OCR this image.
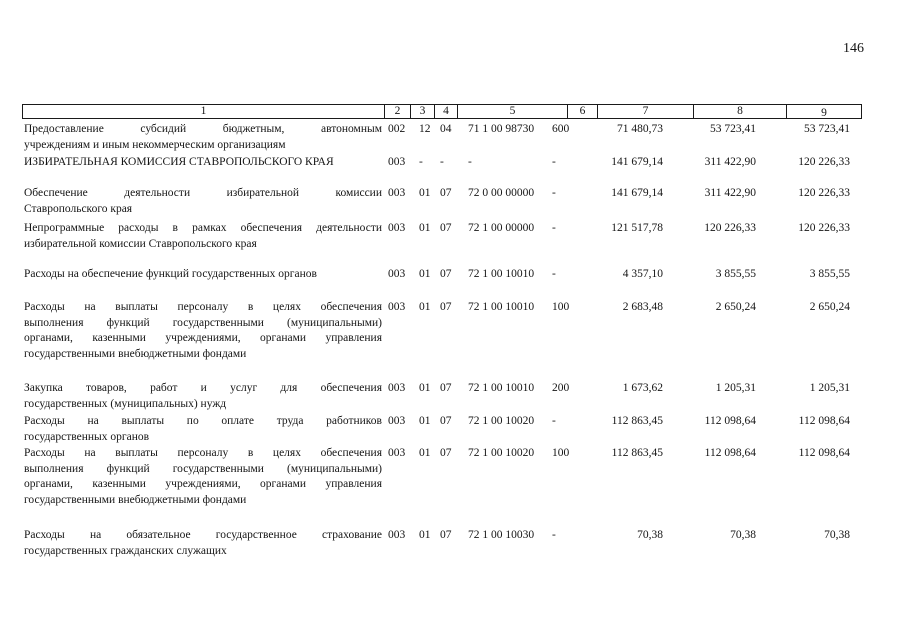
146
1	2	3	4	5	6	7	8	9
Предоставление субсидий бюджетным, автономным
учреждениям и иным некоммерческим организациям
002	12 04	71 1 00 98730	600	71 480,73	53 723,41	53 723,41
ИЗБИРАТЕЛЬНАЯ КОМИССИЯ СТАВРОПОЛЬСКОГО КРАЯ	003	-	-	-	-	141 679,14	311 422,90	120 226,33
Обеспечение деятельности избирательной комиссии
Ставропольского края
003	01 07	72 0 00 00000	-	141 679,14	311 422,90	120 226,33
Непрограммные расходы в рамках обеспечения деятельности
избирательной комиссии Ставропольского края
003	01 07	72 1 00 00000	-	121 517,78	120 226,33	120 226,33
Расходы на обеспечение функций государственных органов	003	01 07	72 1 00 10010	-	4 357,10	3 855,55	3 855,55
Расходы на выплаты персоналу в целях обеспечения
выполнения функций государственными (муниципальными)
органами, казенными учреждениями, органами управления
государственными внебюджетными фондами
003	01 07	72 1 00 10010	100	2 683,48	2 650,24	2 650,24
Закупка товаров, работ и услуг для обеспечения
государственных (муниципальных) нужд
003	01 07	72 1 00 10010	200	1 673,62	1 205,31	1 205,31
Расходы на выплаты по оплате труда работников
государственных органов
003	01 07	72 1 00 10020	-	112 863,45	112 098,64	112 098,64
Расходы на выплаты персоналу в целях обеспечения
выполнения функций государственными (муниципальными)
органами, казенными учреждениями, органами управления
государственными внебюджетными фондами
003	01 07	72 1 00 10020	100	112 863,45	112 098,64	112 098,64
Расходы на обязательное государственное страхование
государственных гражданских служащих
003	01 07	72 1 00 10030	-	70,38	70,38	70,38
